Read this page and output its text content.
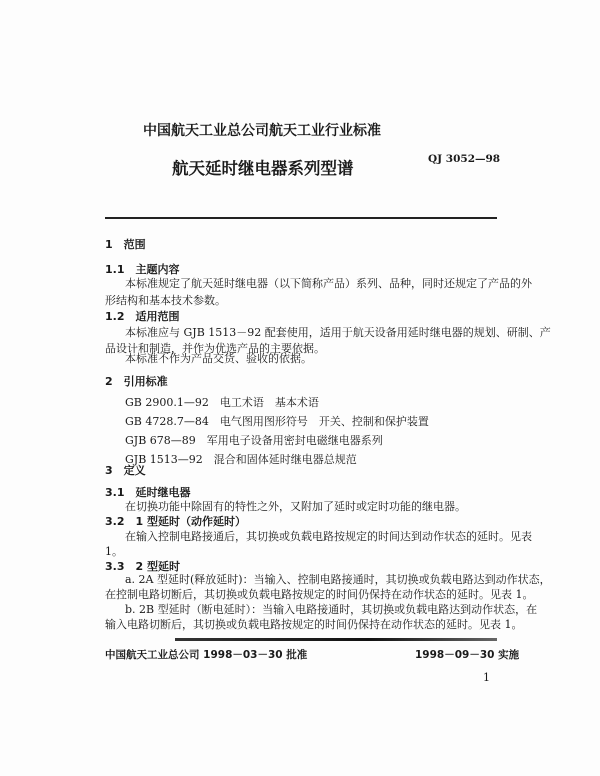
中国航天工业总公司航天工业行业标准
航天延时继电器系列型谱	QJ 3052—98
1　范围
1.1　主题内容
本标准规定了航天延时继电器（以下简称产品）系列、品种，同时还规定了产品的外
形结构和基本技术参数。
1.2　适用范围
本标准应与 GJB 1513－92 配套使用，适用于航天设备用延时继电器的规划、研制、产
品设计和制造，并作为优选产品的主要依据。
本标准不作为产品交货、验收的依据。
2　引用标准
GB 2900.1—92　电工术语　基本术语
GB 4728.7—84　电气图用图形符号　开关、控制和保护装置
GJB 678—89　军用电子设备用密封电磁继电器系列
GJB 1513—92　混合和固体延时继电器总规范
3　定义
3.1　延时继电器
在切换功能中除固有的特性之外，又附加了延时或定时功能的继电器。
3.2　1 型延时（动作延时）
在输入控制电路接通后，其切换或负载电路按规定的时间达到动作状态的延时。见表
1。
3.3　2 型延时
a. 2A 型延时(释放延时)：当输入、控制电路接通时，其切换或负载电路达到动作状态，
在控制电路切断后，其切换或负载电路按规定的时间仍保持在动作状态的延时。见表 1。
b. 2B 型延时（断电延时）：当输入电路接通时，其切换或负载电路达到动作状态，在
输入电路切断后，其切换或负载电路按规定的时间仍保持在动作状态的延时。见表 1。
中国航天工业总公司 1998－03－30 批准	1998－09－30 实施
1
